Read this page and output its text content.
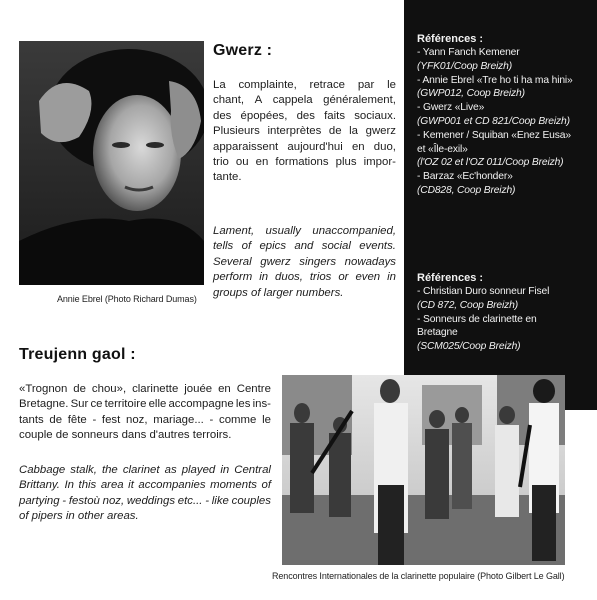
Annie Ebrel (Photo Richard Dumas)
Gwerz :
La complainte, retrace par le
chant, A cappela généralement,
des épopées, des faits sociaux.
Plusieurs interprètes de la gwerz
apparaissent aujourd'hui en duo,
trio ou en formations plus impor-
tante.
Lament, usually unaccompanied,
tells of epics and social events.
Several gwerz singers nowadays
perform in duos, trios or even in
groups of larger numbers.
Références :
- Yann Fanch Kemener
(YFK01/Coop Breizh)
- Annie Ebrel «Tre ho ti ha ma hini»
(GWP012, Coop Breizh)
- Gwerz «Live»
(GWP001 et CD 821/Coop Breizh)
- Kemener / Squiban «Enez Eusa»
et «Île-exil»
(l'OZ 02 et l'OZ 011/Coop Breizh)
- Barzaz «Ec'honder»
(CD828, Coop Breizh)
Références :
- Christian Duro sonneur Fisel
(CD 872, Coop Breizh)
- Sonneurs de clarinette en
Bretagne
(SCM025/Coop Breizh)
Treujenn gaol :
«Trognon de chou», clarinette jouée en Centre
Bretagne. Sur ce territoire elle accompagne les ins-
tants de fête - fest noz, mariage... - comme le
couple de sonneurs dans d'autres terroirs.
Cabbage stalk, the clarinet as played in Central
Brittany. In this area it accompanies moments of
partying - festoù noz, weddings etc... - like couples
of pipers in other areas.
Rencontres Internationales de la clarinette populaire (Photo Gilbert Le Gall)
